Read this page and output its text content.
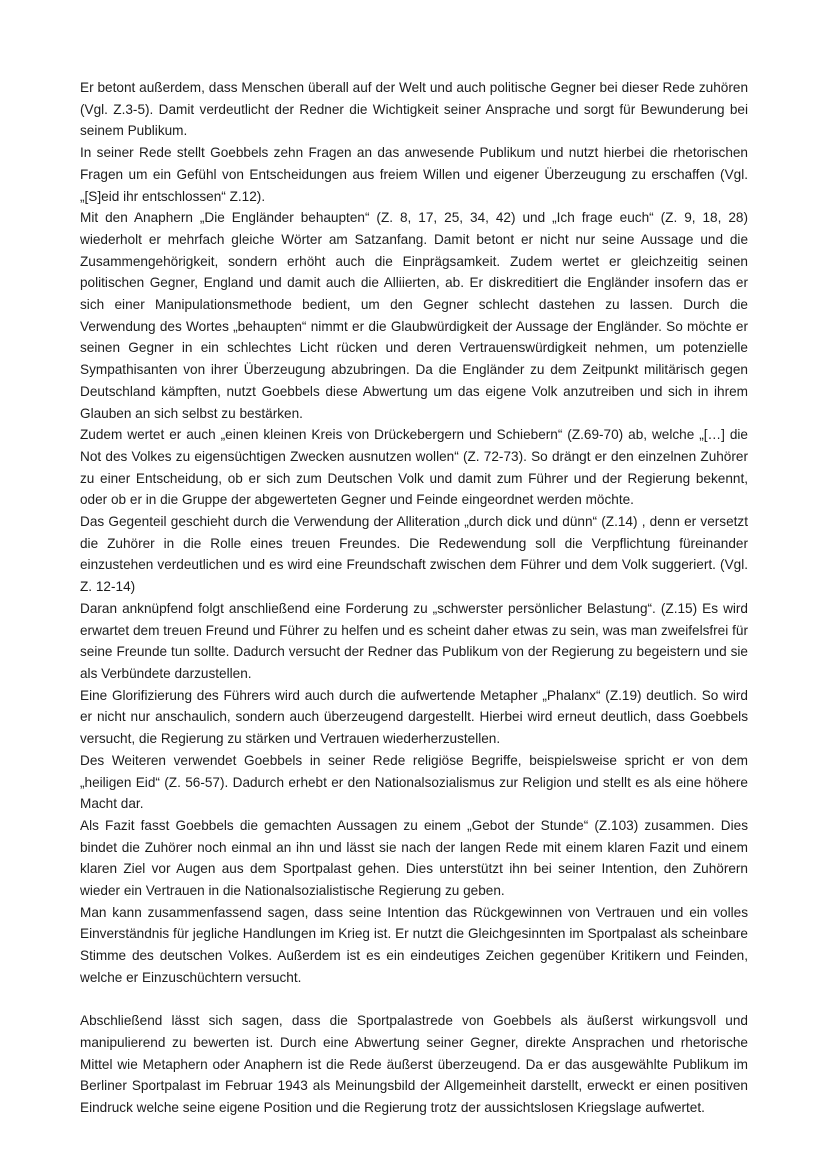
Er betont außerdem, dass Menschen überall auf der Welt und auch politische Gegner bei dieser Rede zuhören (Vgl. Z.3-5). Damit verdeutlicht der Redner die Wichtigkeit seiner Ansprache und sorgt für Bewunderung bei seinem Publikum.

In seiner Rede stellt Goebbels zehn Fragen an das anwesende Publikum und nutzt hierbei die rhetorischen Fragen um ein Gefühl von Entscheidungen aus freiem Willen und eigener Überzeugung zu erschaffen (Vgl. „[S]eid ihr entschlossen“ Z.12).

Mit den Anaphern „Die Engländer behaupten“ (Z. 8, 17, 25, 34, 42) und „Ich frage euch“ (Z. 9, 18, 28) wiederholt er mehrfach gleiche Wörter am Satzanfang. Damit betont er nicht nur seine Aussage und die Zusammengehörigkeit, sondern erhöht auch die Einprägsamkeit. Zudem wertet er gleichzeitig seinen politischen Gegner, England und damit auch die Alliierten, ab. Er diskreditiert die Engländer insofern das er sich einer Manipulationsmethode bedient, um den Gegner schlecht dastehen zu lassen. Durch die Verwendung des Wortes „behaupten“ nimmt er die Glaubwürdigkeit der Aussage der Engländer. So möchte er seinen Gegner in ein schlechtes Licht rücken und deren Vertrauenswürdigkeit nehmen, um potenzielle Sympathisanten von ihrer Überzeugung abzubringen. Da die Engländer zu dem Zeitpunkt militärisch gegen Deutschland kämpften, nutzt Goebbels diese Abwertung um das eigene Volk anzutreiben und sich in ihrem Glauben an sich selbst zu bestärken.

Zudem wertet er auch „einen kleinen Kreis von Drückebergern und Schiebern“ (Z.69-70) ab, welche „[…] die Not des Volkes zu eigensüchtigen Zwecken ausnutzen wollen“ (Z. 72-73). So drängt er den einzelnen Zuhörer zu einer Entscheidung, ob er sich zum Deutschen Volk und damit zum Führer und der Regierung bekennt, oder ob er in die Gruppe der abgewerteten Gegner und Feinde eingeordnet werden möchte.

Das Gegenteil geschieht durch die Verwendung der Alliteration „durch dick und dünn“ (Z.14) , denn er versetzt die Zuhörer in die Rolle eines treuen Freundes. Die Redewendung soll die Verpflichtung füreinander einzustehen verdeutlichen und es wird eine Freundschaft zwischen dem Führer und dem Volk suggeriert. (Vgl. Z. 12-14)

Daran anknüpfend folgt anschließend eine Forderung zu „schwerster persönlicher Belastung“. (Z.15) Es wird erwartet dem treuen Freund und Führer zu helfen und es scheint daher etwas zu sein, was man zweifelsfrei für seine Freunde tun sollte. Dadurch versucht der Redner das Publikum von der Regierung zu begeistern und sie als Verbündete darzustellen.

Eine Glorifizierung des Führers wird auch durch die aufwertende Metapher „Phalanx“ (Z.19) deutlich. So wird er nicht nur anschaulich, sondern auch überzeugend dargestellt. Hierbei wird erneut deutlich, dass Goebbels versucht, die Regierung zu stärken und Vertrauen wiederherzustellen.

Des Weiteren verwendet Goebbels in seiner Rede religiöse Begriffe, beispielsweise spricht er von dem „heiligen Eid“ (Z. 56-57). Dadurch erhebt er den Nationalsozialismus zur Religion und stellt es als eine höhere Macht dar.

Als Fazit fasst Goebbels die gemachten Aussagen zu einem „Gebot der Stunde“ (Z.103) zusammen. Dies bindet die Zuhörer noch einmal an ihn und lässt sie nach der langen Rede mit einem klaren Fazit und einem klaren Ziel vor Augen aus dem Sportpalast gehen. Dies unterstützt ihn bei seiner Intention, den Zuhörern wieder ein Vertrauen in die Nationalsozialistische Regierung zu geben.

Man kann zusammenfassend sagen, dass seine Intention das Rückgewinnen von Vertrauen und ein volles Einverständnis für jegliche Handlungen im Krieg ist. Er nutzt die Gleichgesinnten im Sportpalast als scheinbare Stimme des deutschen Volkes. Außerdem ist es ein eindeutiges Zeichen gegenüber Kritikern und Feinden, welche er Einzuschüchtern versucht.

Abschließend lässt sich sagen, dass die Sportpalastrede von Goebbels als äußerst wirkungsvoll und manipulierend zu bewerten ist. Durch eine Abwertung seiner Gegner, direkte Ansprachen und rhetorische Mittel wie Metaphern oder Anaphern ist die Rede äußerst überzeugend. Da er das ausgewählte Publikum im Berliner Sportpalast im Februar 1943 als Meinungsbild der Allgemeinheit darstellt, erweckt er einen positiven Eindruck welche seine eigene Position und die Regierung trotz der aussichtslosen Kriegslage aufwertet.
